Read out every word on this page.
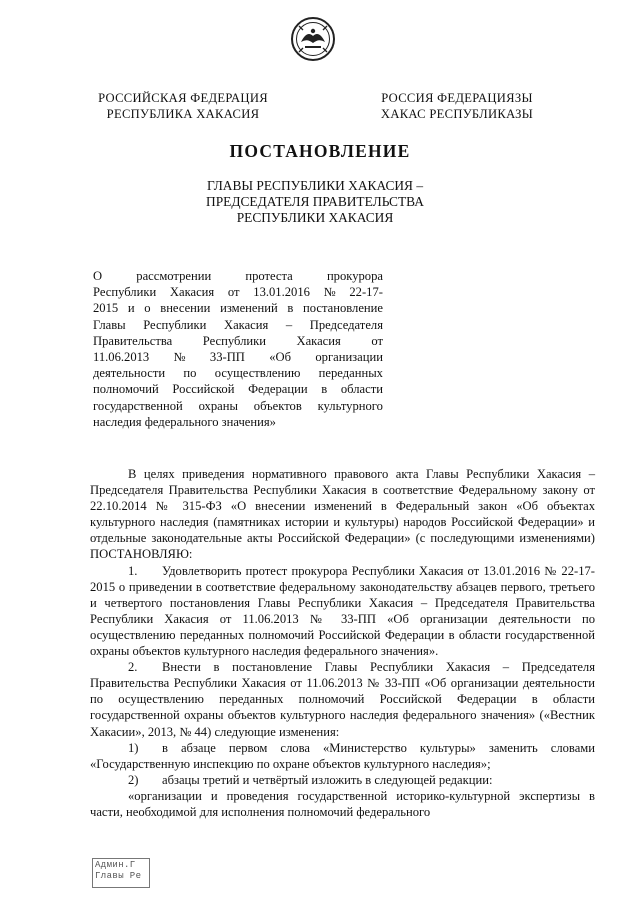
РОССИЙСКАЯ ФЕДЕРАЦИЯ
РЕСПУБЛИКА ХАКАСИЯ
РОССИЯ ФЕДЕРАЦИЯЗЫ
ХАКАС РЕСПУБЛИКАЗЫ
ПОСТАНОВЛЕНИЕ
ГЛАВЫ РЕСПУБЛИКИ ХАКАСИЯ –
ПРЕДСЕДАТЕЛЯ ПРАВИТЕЛЬСТВА
РЕСПУБЛИКИ ХАКАСИЯ
О	рассмотрении	протеста	прокурора
Республики Хакасия от 13.01.2016 № 22-17-
2015 и о внесении изменений в постановление
Главы Республики Хакасия – Председателя
Правительства Республики Хакасия от
11.06.2013 № 33-ПП «Об организации
деятельности по осуществлению переданных
полномочий Российской Федерации в области
государственной охраны объектов культурного
наследия федерального значения»

В целях приведения нормативного правового акта Главы Республики Хакасия – Председателя Правительства Республики Хакасия в соответствие Федеральному закону от 22.10.2014 № 315-ФЗ «О внесении изменений в Федеральный закон «Об объектах культурного наследия (памятниках истории и культуры) народов Российской Федерации» и отдельные законодательные акты Российской Федерации» (с последующими изменениями) ПОСТАНОВЛЯЮ:

1. Удовлетворить протест прокурора Республики Хакасия от 13.01.2016 № 22-17-2015 о приведении в соответствие федеральному законодательству абзацев первого, третьего и четвертого постановления Главы Республики Хакасия – Председателя Правительства Республики Хакасия от 11.06.2013 № 33-ПП «Об организации деятельности по осуществлению переданных полномочий Российской Федерации в области государственной охраны объектов культурного наследия федерального значения».

2. Внести в постановление Главы Республики Хакасия – Председателя Правительства Республики Хакасия от 11.06.2013 № 33-ПП «Об организации деятельности по осуществлению переданных полномочий Российской Федерации в области государственной охраны объектов культурного наследия федерального значения» («Вестник Хакасии», 2013, № 44) следующие изменения:

1) в абзаце первом слова «Министерство культуры» заменить словами «Государственную инспекцию по охране объектов культурного наследия»;

2) абзацы третий и четвёртый изложить в следующей редакции:

«организации и проведения государственной историко-культурной экспертизы в части, необходимой для исполнения полномочий федерального

Админ.Г
Главы Ре
